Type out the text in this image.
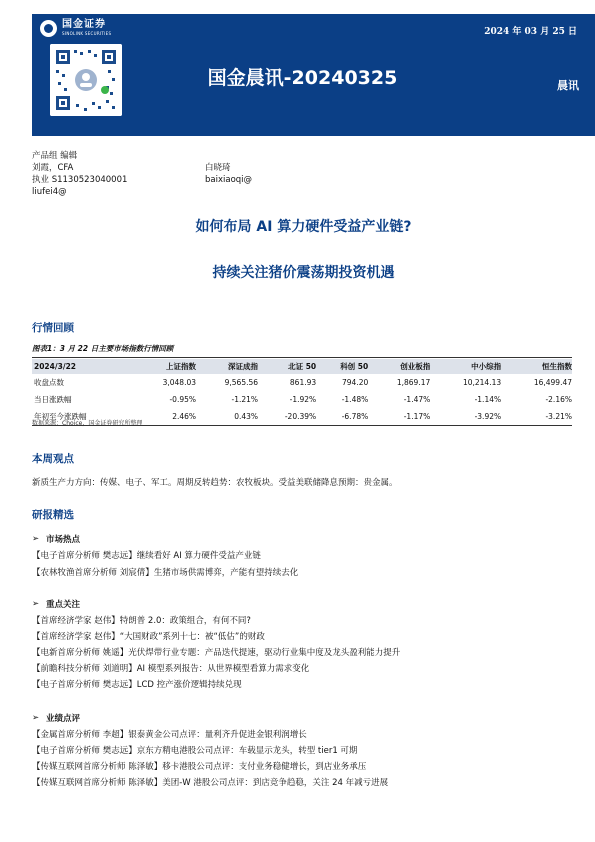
国金证券
SINOLINK SECURITIES	2024 年 03 月 25 日
国金晨讯-20240325	晨讯
产品组 编辑
刘霞，CFA
执业 S1130523040001
liufei4@
白晓琦
baixiaoqi@
如何布局 AI 算力硬件受益产业链?
持续关注猪价震荡期投资机遇
行情回顾
图表1：3 月 22 日主要市场指数行情回顾
2024/3/22	上证指数	深证成指	北证 50	科创 50	创业板指	中小综指	恒生指数
收盘点数	3,048.03	9,565.56	861.93	794.20	1,869.17	10,214.13	16,499.47
当日涨跌幅	-0.95%	-1.21%	-1.92%	-1.48%	-1.47%	-1.14%	-2.16%
年初至今涨跌幅	2.46%	0.43%	-20.39%	-6.78%	-1.17%	-3.92%	-3.21%
数据来源：Choice，国金证券研究所整理
本周观点
新质生产力方向：传媒、电子、军工。周期反转趋势：农牧板块。受益美联储降息预期：贵金属。
研报精选
➢ 市场热点
【电子首席分析师 樊志远】继续看好 AI 算力硬件受益产业链
【农林牧渔首席分析师 刘宸倩】生猪市场供需博弈，产能有望持续去化
➢ 重点关注
【首席经济学家 赵伟】特朗普 2.0：政策组合，有何不同?
【首席经济学家 赵伟】“大国财政”系列十七：被“低估”的财政
【电新首席分析师 姚遥】光伏焊带行业专题：产品迭代提速，驱动行业集中度及龙头盈利能力提升
【前瞻科技分析师 刘道明】AI 模型系列报告：从世界模型看算力需求变化
【电子首席分析师 樊志远】LCD 控产涨价逻辑持续兑现
➢ 业绩点评
【金属首席分析师 李超】银泰黄金公司点评：量利齐升促进金银利润增长
【电子首席分析师 樊志远】京东方精电港股公司点评：车载显示龙头，转型 tier1 可期
【传媒互联网首席分析师 陈泽敏】移卡港股公司点评：支付业务稳健增长，到店业务承压
【传媒互联网首席分析师 陈泽敏】美团-W 港股公司点评：到店竞争趋稳，关注 24 年减亏进展
